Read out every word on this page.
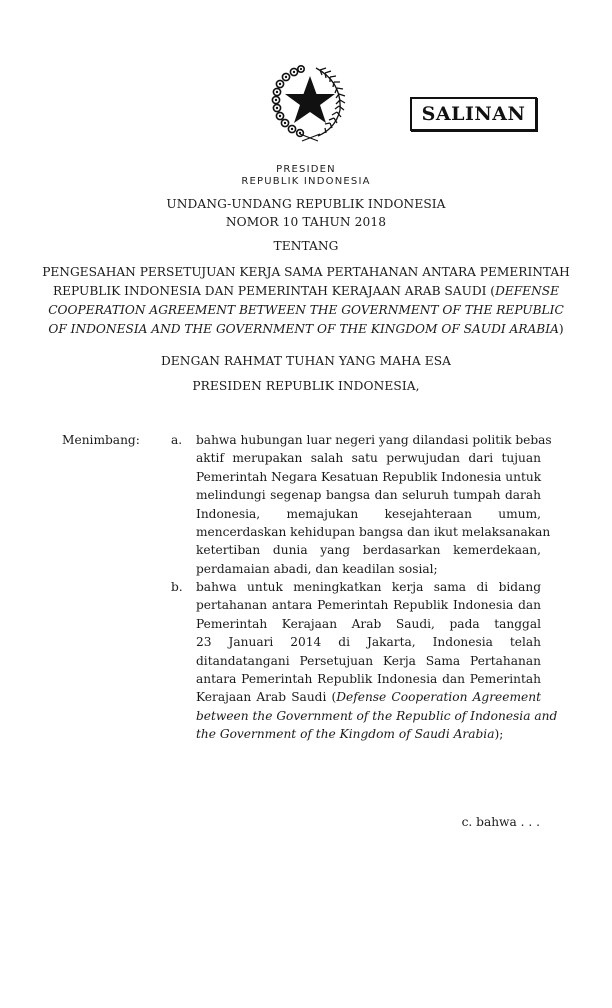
SALINAN
PRESIDEN
REPUBLIK INDONESIA
UNDANG-UNDANG REPUBLIK INDONESIA
NOMOR 10 TAHUN 2018
TENTANG
PENGESAHAN PERSETUJUAN KERJA SAMA PERTAHANAN ANTARA PEMERINTAH
REPUBLIK INDONESIA DAN PEMERINTAH KERAJAAN ARAB SAUDI (DEFENSE
COOPERATION AGREEMENT BETWEEN THE GOVERNMENT OF THE REPUBLIC
OF INDONESIA AND THE GOVERNMENT OF THE KINGDOM OF SAUDI ARABIA)
DENGAN RAHMAT TUHAN YANG MAHA ESA
PRESIDEN REPUBLIK INDONESIA,
Menimbang:	a. bahwa hubungan luar negeri yang dilandasi politik bebas
aktif merupakan salah satu perwujudan dari tujuan
Pemerintah Negara Kesatuan Republik Indonesia untuk
melindungi segenap bangsa dan seluruh tumpah darah
Indonesia, memajukan kesejahteraan umum,
mencerdaskan kehidupan bangsa dan ikut melaksanakan
ketertiban dunia yang berdasarkan kemerdekaan,
perdamaian abadi, dan keadilan sosial;
b. bahwa untuk meningkatkan kerja sama di bidang
pertahanan antara Pemerintah Republik Indonesia dan
Pemerintah Kerajaan Arab Saudi, pada tanggal
23 Januari 2014 di Jakarta, Indonesia telah
ditandatangani Persetujuan Kerja Sama Pertahanan
antara Pemerintah Republik Indonesia dan Pemerintah
Kerajaan Arab Saudi (Defense Cooperation Agreement
between the Government of the Republic of Indonesia and
the Government of the Kingdom of Saudi Arabia);
c. bahwa . . .
